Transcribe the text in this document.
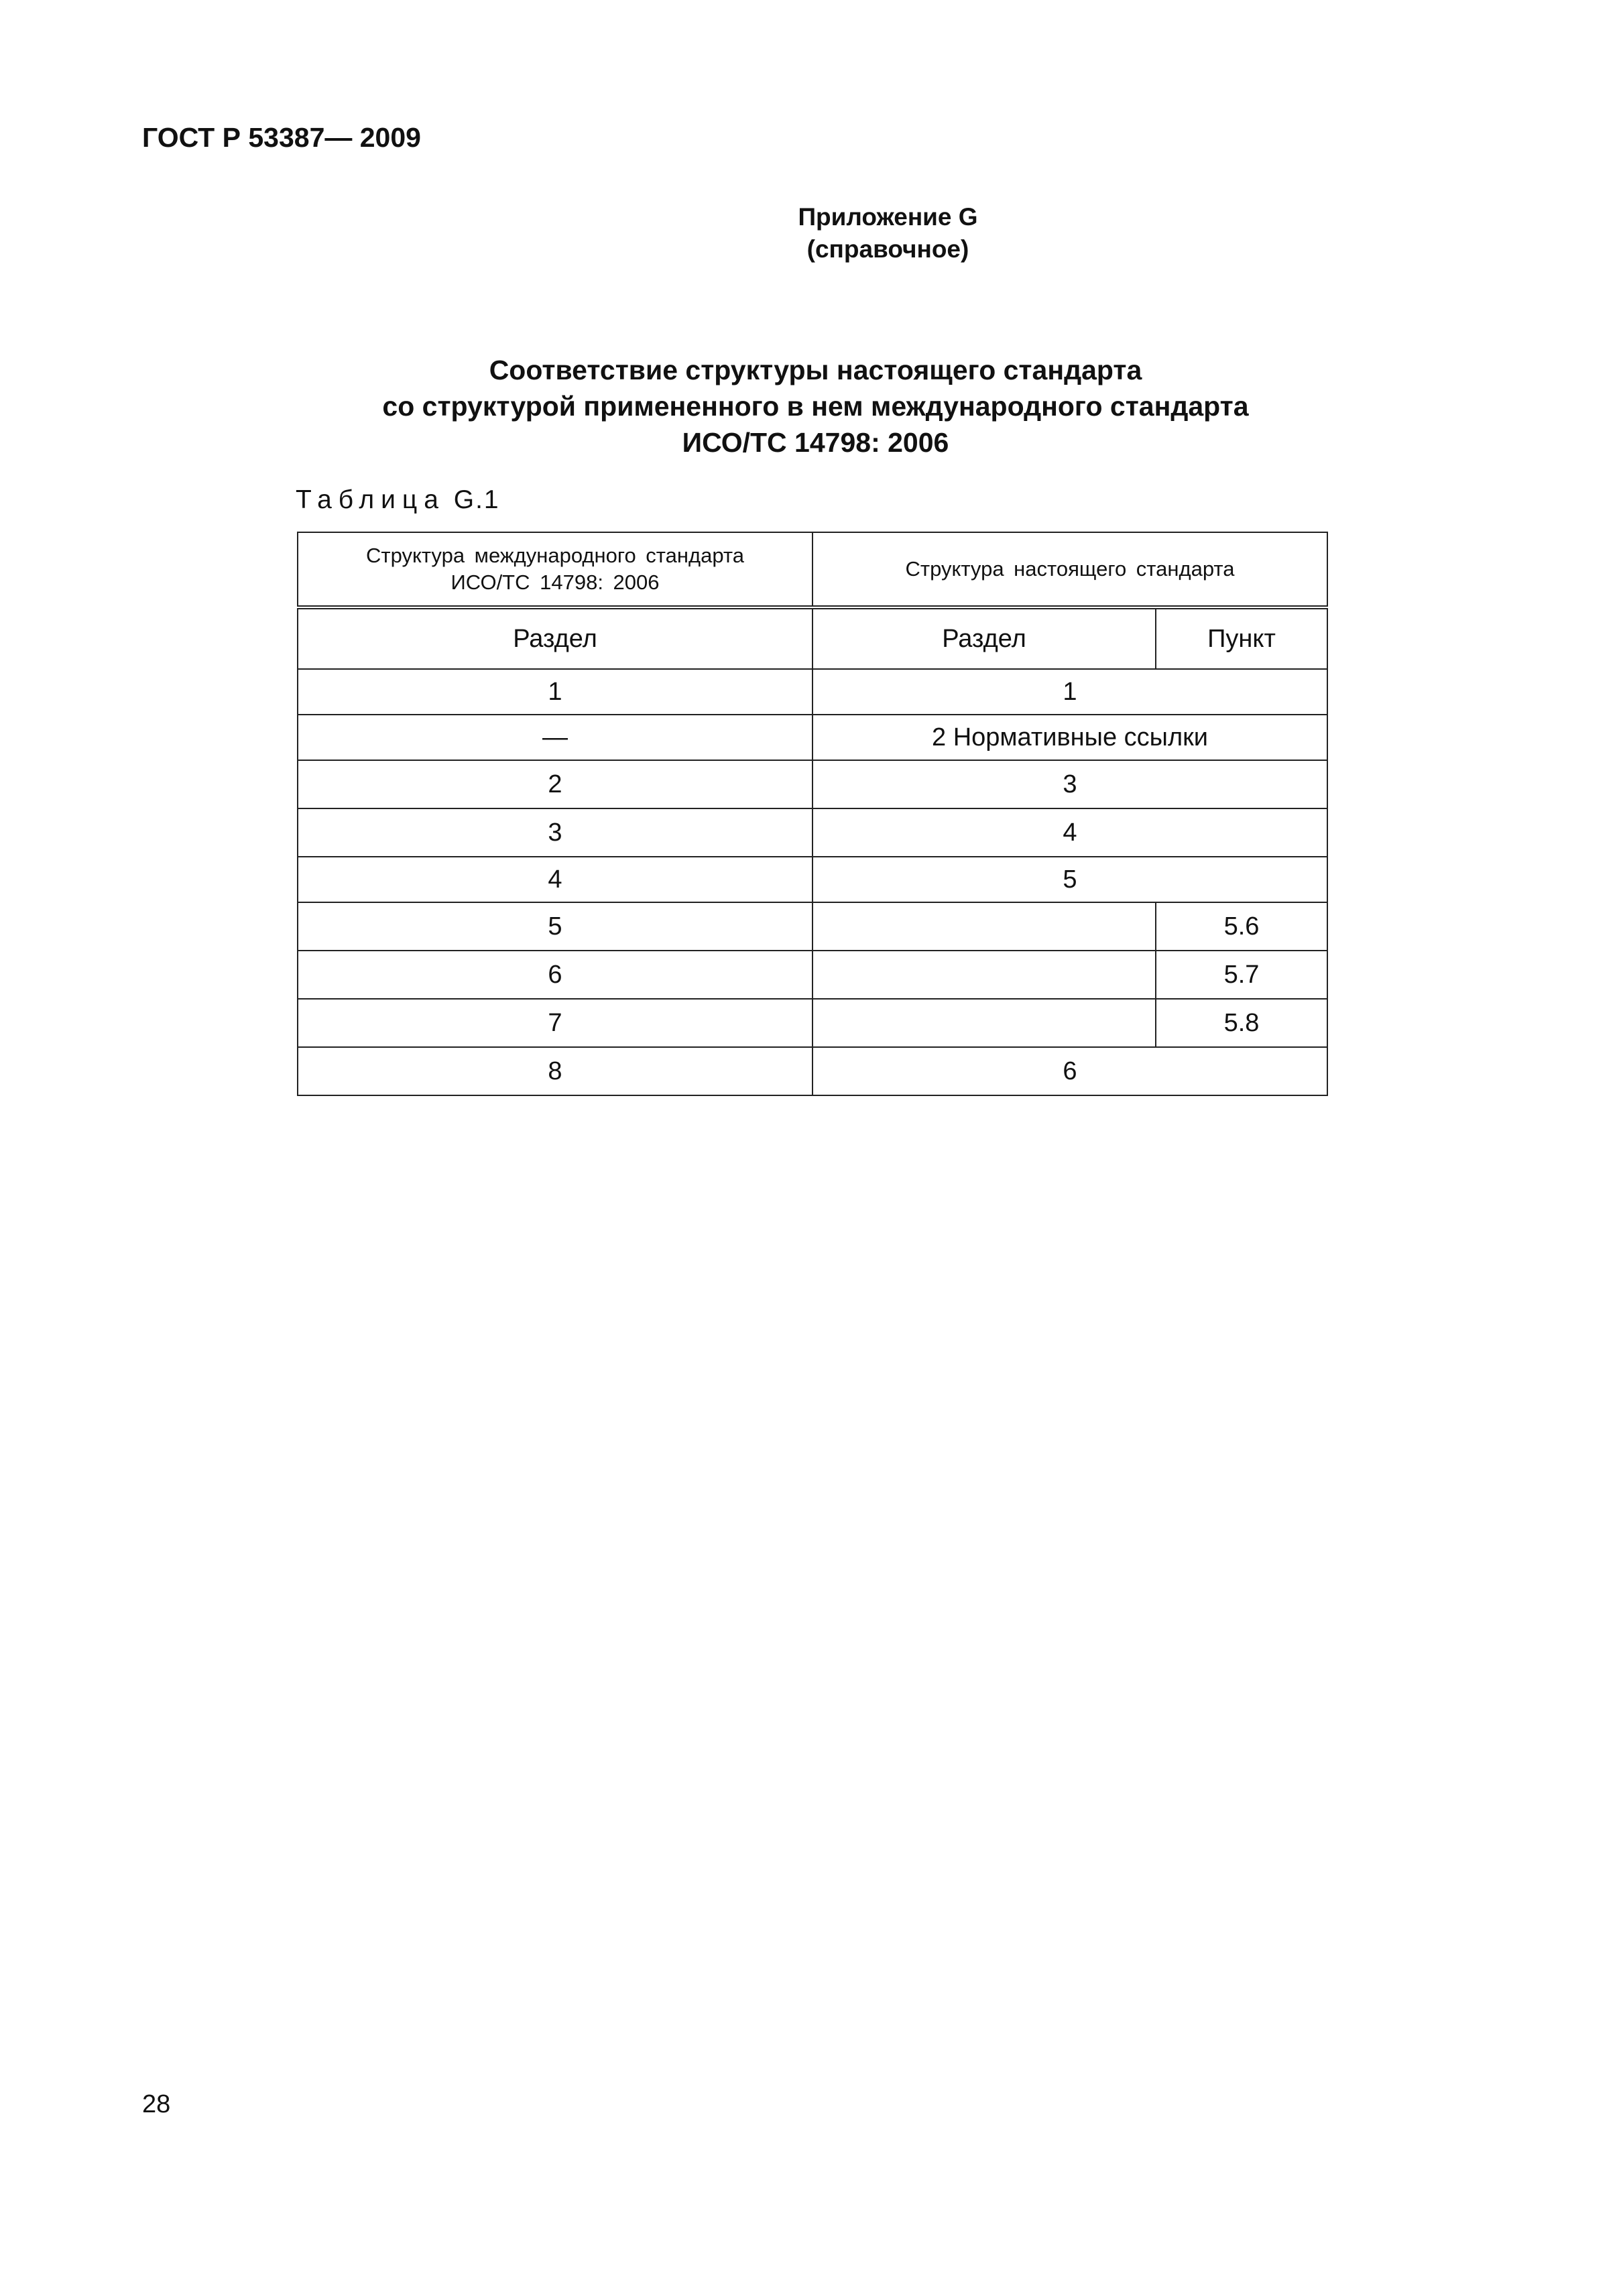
ГОСТ Р 53387— 2009
Приложение G
(справочное)
Соответствие структуры настоящего стандарта
со структурой примененного в нем международного стандарта
ИСО/ТС 14798: 2006
Таблица G.1
Структура международного стандарта
ИСО/ТС 14798: 2006	Структура настоящего стандарта	
Раздел	Раздел	Пункт
1	1	
—	2 Нормативные ссылки	
2	3	
3	4	
4	5	
5		5.6
6		5.7
7		5.8
8	6	
28
